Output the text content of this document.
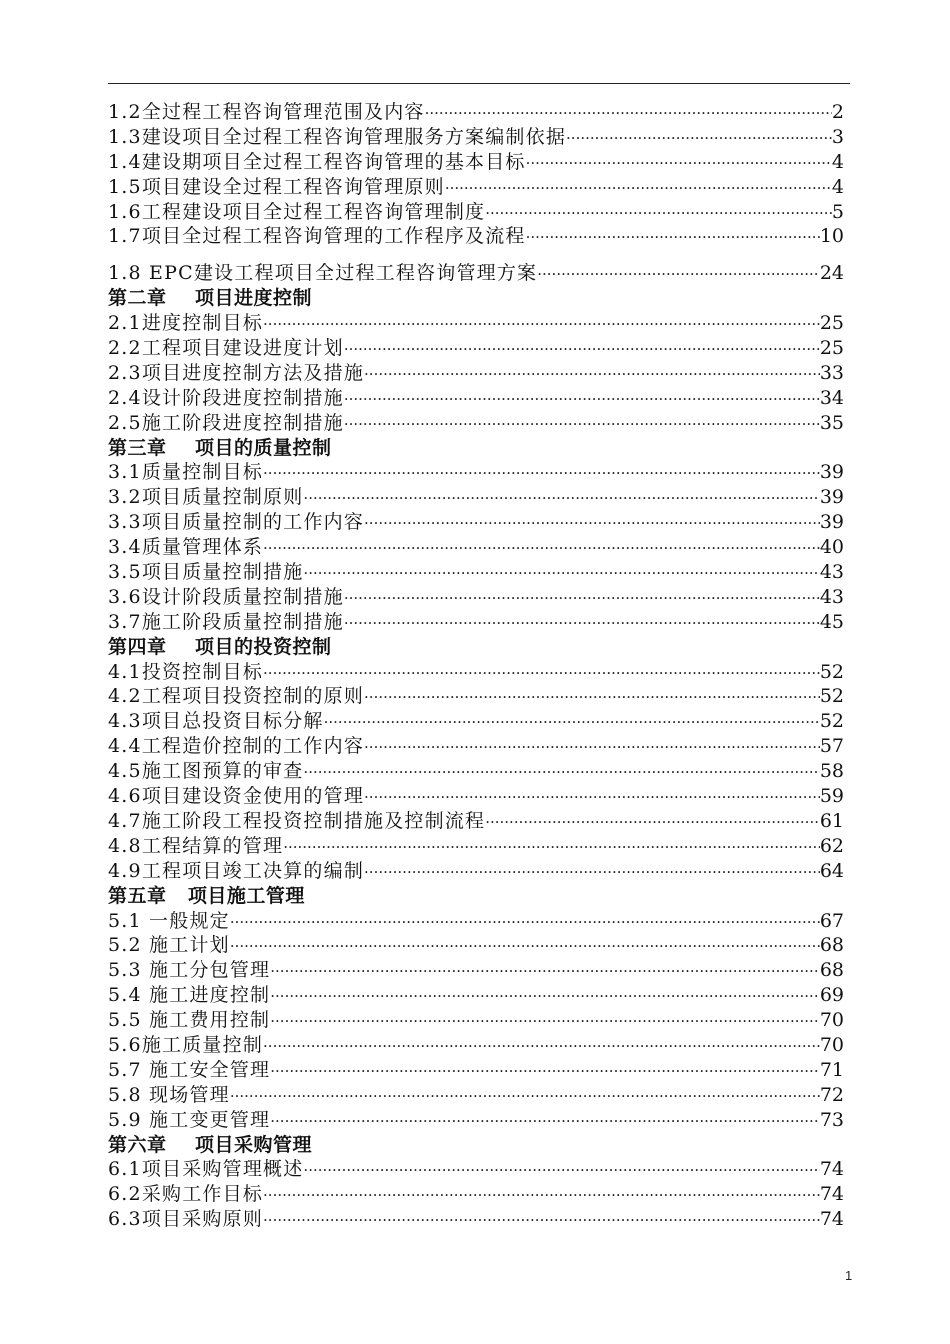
1.2全过程工程咨询管理范围及内容 ·····	2
1.3建设项目全过程工程咨询管理服务方案编制依据 ·····	3
1.4建设期项目全过程工程咨询管理的基本目标 ·····	4
1.5项目建设全过程工程咨询管理原则 ·····	4
1.6工程建设项目全过程工程咨询管理制度 ·····	5
1.7项目全过程工程咨询管理的工作程序及流程 ·····	10
1.8 EPC建设工程项目全过程工程咨询管理方案 ·····	24
第二章    项目进度控制
2.1进度控制目标 ·····	25
2.2工程项目建设进度计划 ·····	25
2.3项目进度控制方法及措施 ·····	33
2.4设计阶段进度控制措施 ·····	34
2.5施工阶段进度控制措施 ·····	35
第三章    项目的质量控制
3.1质量控制目标 ·····	39
3.2项目质量控制原则 ·····	39
3.3项目质量控制的工作内容 ·····	39
3.4质量管理体系 ·····	40
3.5项目质量控制措施 ·····	43
3.6设计阶段质量控制措施 ·····	43
3.7施工阶段质量控制措施 ·····	45
第四章    项目的投资控制
4.1投资控制目标 ·····	52
4.2工程项目投资控制的原则 ·····	52
4.3项目总投资目标分解 ·····	52
4.4工程造价控制的工作内容 ·····	57
4.5施工图预算的审查 ·····	58
4.6项目建设资金使用的管理 ·····	59
4.7施工阶段工程投资控制措施及控制流程 ·····	61
4.8工程结算的管理 ·····	62
4.9工程项目竣工决算的编制 ·····	64
第五章   项目施工管理
5.1 一般规定 ·····	67
5.2 施工计划 ·····	68
5.3 施工分包管理 ·····	68
5.4 施工进度控制 ·····	69
5.5 施工费用控制 ·····	70
5.6施工质量控制 ·····	70
5.7 施工安全管理 ·····	71
5.8 现场管理 ·····	72
5.9 施工变更管理 ·····	73
第六章    项目采购管理
6.1项目采购管理概述 ·····	74
6.2采购工作目标 ·····	74
6.3项目采购原则 ·····	74
1
